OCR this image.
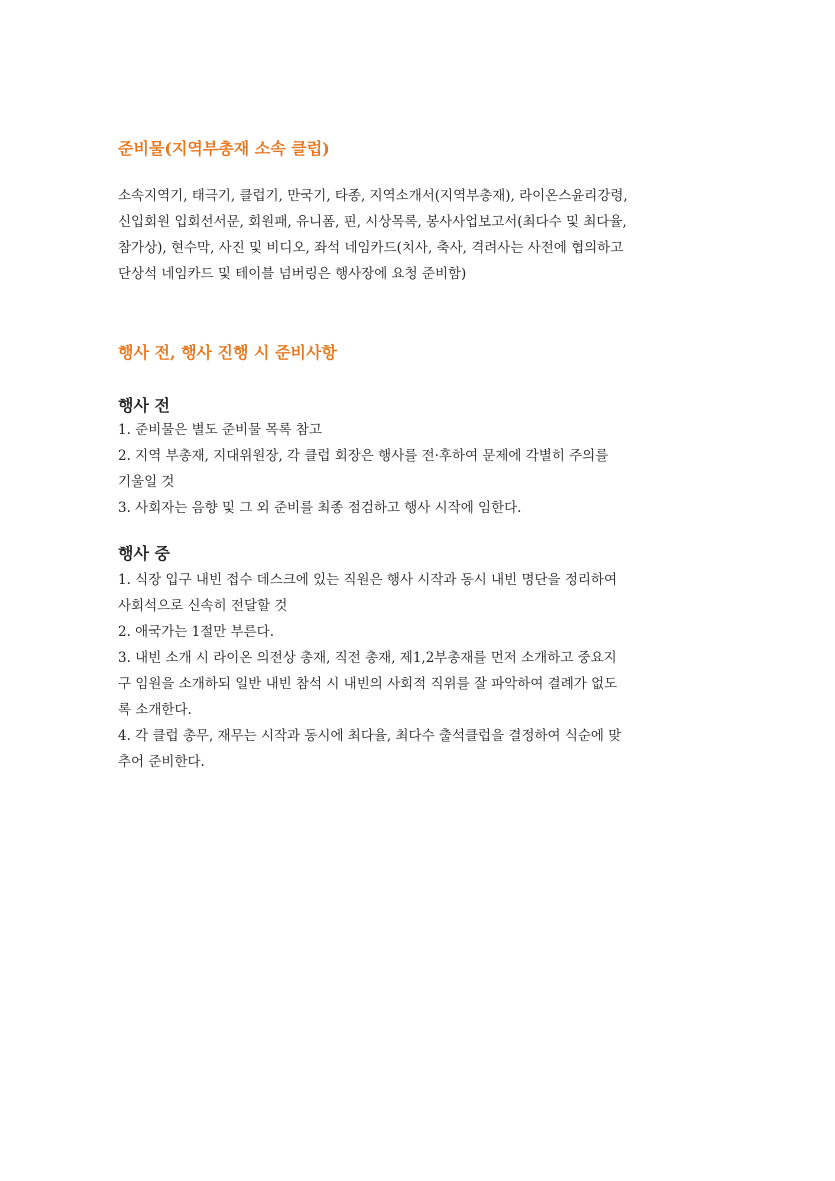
준비물(지역부총재 소속 클럽)
소속지역기, 태극기, 클럽기, 만국기, 타종, 지역소개서(지역부총재), 라이온스윤리강령,
신입회원 입회선서문, 회원패, 유니폼, 핀, 시상목록, 봉사사업보고서(최다수 및 최다율,
참가상), 현수막, 사진 및 비디오, 좌석 네임카드(치사, 축사, 격려사는 사전에 협의하고
단상석 네임카드 및 테이블 넘버링은 행사장에 요청 준비함)
행사 전, 행사 진행 시 준비사항
행사 전
1. 준비물은 별도 준비물 목록 참고
2. 지역 부총재, 지대위원장, 각 클럽 회장은 행사를 전·후하여 문제에 각별히 주의를
기울일 것
3. 사회자는 음향 및 그 외 준비를 최종 점검하고 행사 시작에 임한다.
행사 중
1. 식장 입구 내빈 접수 데스크에 있는 직원은 행사 시작과 동시 내빈 명단을 정리하여
사회석으로 신속히 전달할 것
2. 애국가는 1절만 부른다.
3. 내빈 소개 시 라이온 의전상 총재, 직전 총재, 제1,2부총재를 먼저 소개하고 중요지
구 임원을 소개하되 일반 내빈 참석 시 내빈의 사회적 직위를 잘 파악하여 결례가 없도
록 소개한다.
4. 각 클럽 총무, 재무는 시작과 동시에 최다율, 최다수 출석클럽을 결정하여 식순에 맞
추어 준비한다.
